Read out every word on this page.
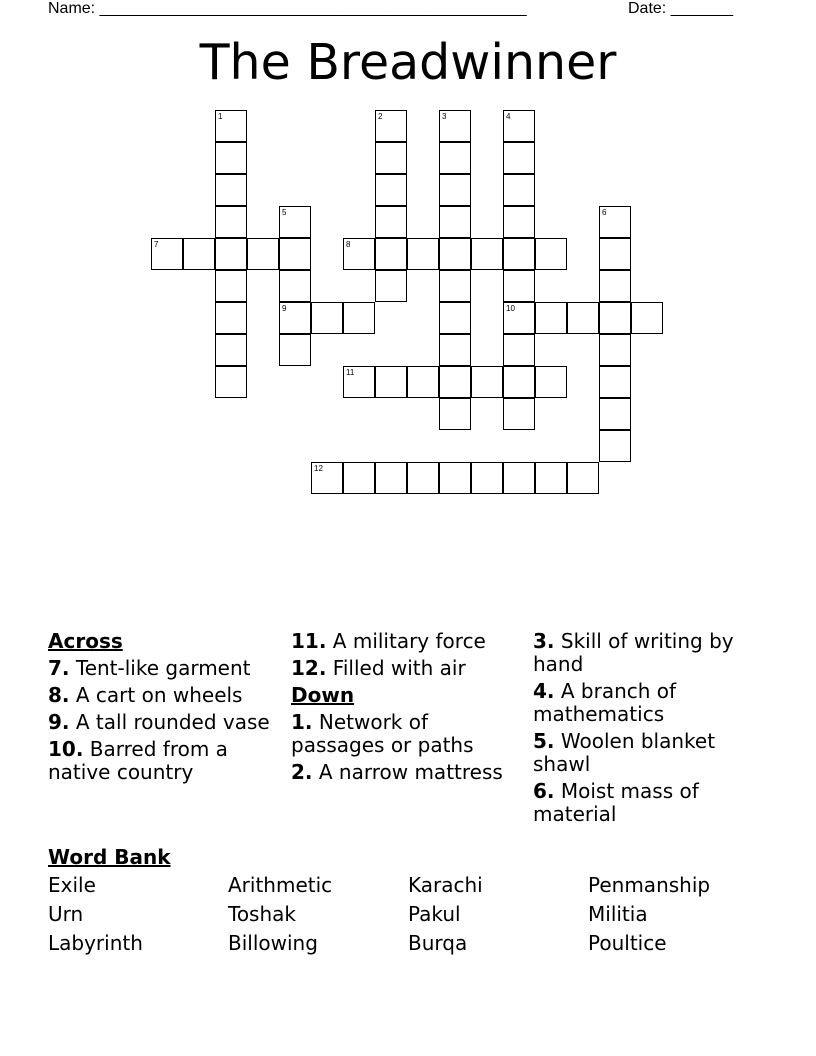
Name: ________________________________________________	Date: _______
The Breadwinner
1	2	3	4
10
5
9
6
7	8
11
12
Across
7. Tent-like garment
8. A cart on wheels
9. A tall rounded vase
10. Barred from a native country
11. A military force
12. Filled with air
Down
1. Network of passages or paths
2. A narrow mattress
3. Skill of writing by hand
4. A branch of mathematics
5. Woolen blanket shawl
6. Moist mass of material
Word Bank
Exile	Arithmetic	Karachi	Penmanship
Urn	Toshak	Pakul	Militia
Labyrinth	Billowing	Burqa	Poultice
